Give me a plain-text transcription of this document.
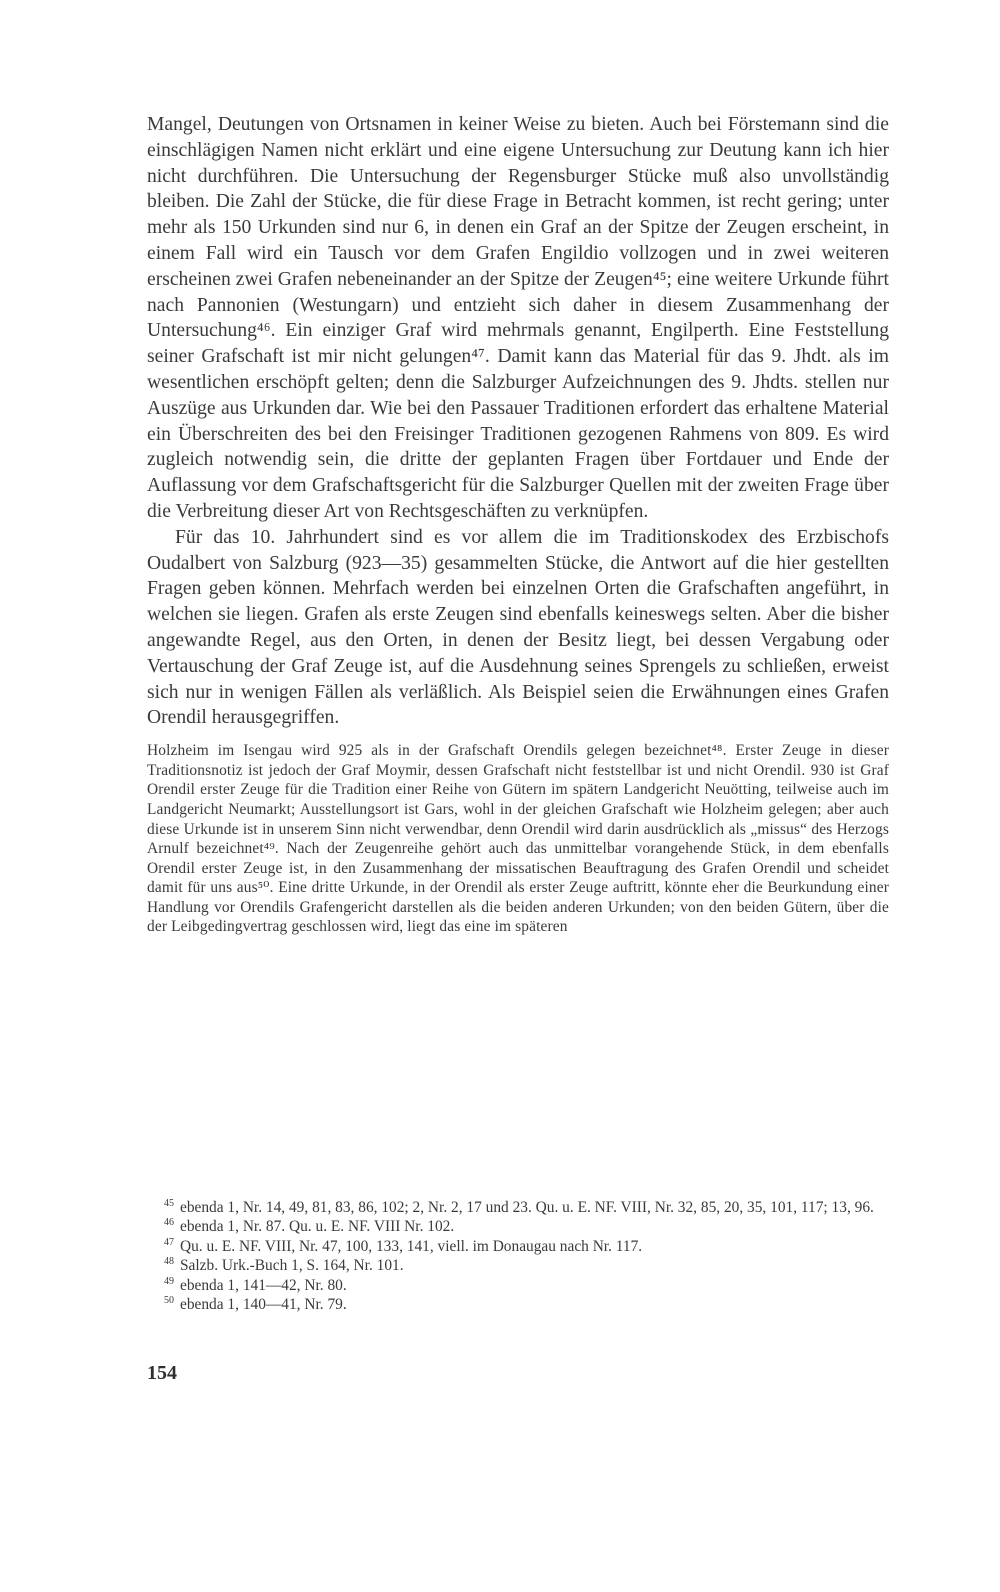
Mangel, Deutungen von Ortsnamen in keiner Weise zu bieten. Auch bei Förstemann sind die einschlägigen Namen nicht erklärt und eine eigene Untersuchung zur Deutung kann ich hier nicht durchführen. Die Untersuchung der Regensburger Stücke muß also unvollständig bleiben. Die Zahl der Stücke, die für diese Frage in Betracht kommen, ist recht gering; unter mehr als 150 Urkunden sind nur 6, in denen ein Graf an der Spitze der Zeugen erscheint, in einem Fall wird ein Tausch vor dem Grafen Engildio vollzogen und in zwei weiteren erscheinen zwei Grafen nebeneinander an der Spitze der Zeugen⁴⁵; eine weitere Urkunde führt nach Pannonien (Westungarn) und entzieht sich daher in diesem Zusammenhang der Untersuchung⁴⁶. Ein einziger Graf wird mehrmals genannt, Engilperth. Eine Feststellung seiner Grafschaft ist mir nicht gelungen⁴⁷. Damit kann das Material für das 9. Jhdt. als im wesentlichen erschöpft gelten; denn die Salzburger Aufzeichnungen des 9. Jhdts. stellen nur Auszüge aus Urkunden dar. Wie bei den Passauer Traditionen erfordert das erhaltene Material ein Überschreiten des bei den Freisinger Traditionen gezogenen Rahmens von 809. Es wird zugleich notwendig sein, die dritte der geplanten Fragen über Fortdauer und Ende der Auflassung vor dem Grafschaftsgericht für die Salzburger Quellen mit der zweiten Frage über die Verbreitung dieser Art von Rechtsgeschäften zu verknüpfen.

Für das 10. Jahrhundert sind es vor allem die im Traditionskodex des Erzbischofs Oudalbert von Salzburg (923—35) gesammelten Stücke, die Antwort auf die hier gestellten Fragen geben können. Mehrfach werden bei einzelnen Orten die Grafschaften angeführt, in welchen sie liegen. Grafen als erste Zeugen sind ebenfalls keineswegs selten. Aber die bisher angewandte Regel, aus den Orten, in denen der Besitz liegt, bei dessen Vergabung oder Vertauschung der Graf Zeuge ist, auf die Ausdehnung seines Sprengels zu schließen, erweist sich nur in wenigen Fällen als verläßlich. Als Beispiel seien die Erwähnungen eines Grafen Orendil herausgegriffen.

Holzheim im Isengau wird 925 als in der Grafschaft Orendils gelegen bezeichnet⁴⁸. Erster Zeuge in dieser Traditionsnotiz ist jedoch der Graf Moymir, dessen Grafschaft nicht feststellbar ist und nicht Orendil. 930 ist Graf Orendil erster Zeuge für die Tradition einer Reihe von Gütern im spätern Landgericht Neuötting, teilweise auch im Landgericht Neumarkt; Ausstellungsort ist Gars, wohl in der gleichen Grafschaft wie Holzheim gelegen; aber auch diese Urkunde ist in unserem Sinn nicht verwendbar, denn Orendil wird darin ausdrücklich als „missus“ des Herzogs Arnulf bezeichnet⁴⁹. Nach der Zeugenreihe gehört auch das unmittelbar vorangehende Stück, in dem ebenfalls Orendil erster Zeuge ist, in den Zusammenhang der missatischen Beauftragung des Grafen Orendil und scheidet damit für uns aus⁵⁰. Eine dritte Urkunde, in der Orendil als erster Zeuge auftritt, könnte eher die Beurkundung einer Handlung vor Orendils Grafengericht darstellen als die beiden anderen Urkunden; von den beiden Gütern, über die der Leibgedingvertrag geschlossen wird, liegt das eine im späteren

$^{45}$ ebenda 1, Nr. 14, 49, 81, 83, 86, 102; 2, Nr. 2, 17 und 23. Qu. u. E. NF. VIII, Nr. 32, 85, 20, 35, 101, 117; 13, 96.

$^{46}$ ebenda 1, Nr. 87. Qu. u. E. NF. VIII Nr. 102.

$^{47}$ Qu. u. E. NF. VIII, Nr. 47, 100, 133, 141, viell. im Donaugau nach Nr. 117.

$^{48}$ Salzb. Urk.-Buch 1, S. 164, Nr. 101.

$^{49}$ ebenda 1, 141—42, Nr. 80.

$^{50}$ ebenda 1, 140—41, Nr. 79.

154
